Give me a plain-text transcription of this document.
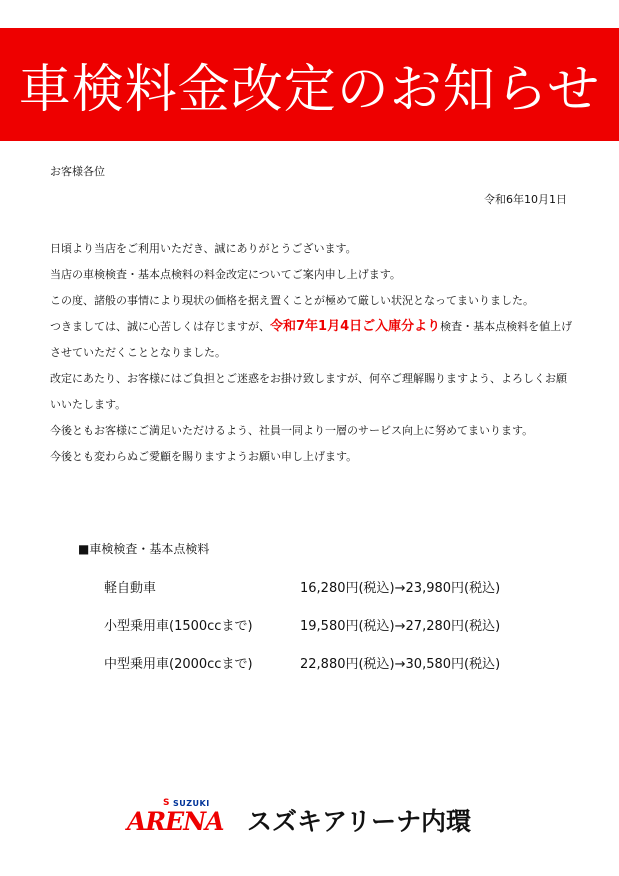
車検料金改定のお知らせ
お客様各位
令和6年10月1日

日頃より当店をご利用いただき、誠にありがとうございます。

当店の車検検査・基本点検料の料金改定についてご案内申し上げます。

この度、諸般の事情により現状の価格を据え置くことが極めて厳しい状況となってまいりました。

つきましては、誠に心苦しくは存じますが、令和7年1月4日ご入庫分より検査・基本点検料を値上げさせていただくこととなりました。

改定にあたり、お客様にはご負担とご迷惑をお掛け致しますが、何卒ご理解賜りますよう、よろしくお願いいたします。

今後ともお客様にご満足いただけるよう、社員一同より一層のサービス向上に努めてまいります。

今後とも変わらぬご愛顧を賜りますようお願い申し上げます。

■車検検査・基本点検料
軽自動車	16,280円(税込)→23,980円(税込)
小型乗用車(1500ccまで)	19,580円(税込)→27,280円(税込)
中型乗用車(2000ccまで)	22,880円(税込)→30,580円(税込)
S SUZUKI
ARENA スズキアリーナ内環
